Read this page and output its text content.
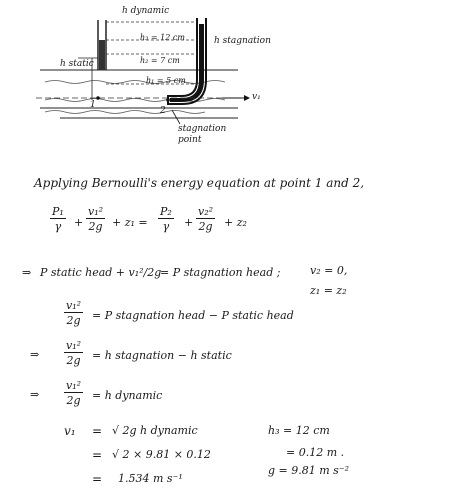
h dynamic
h₃ = 12 cm
h₂ = 7 cm
h₁ = 5 cm
h static
h stagnation
v₁
1
2
stagnation point
Applying Bernoulli's energy equation at point 1 and 2,
P₁
γ	+
v₁²
2g + z₁ =
P₂
γ	+
v₂²
2g + z₂
⇒ P static head + v₁²/2g
= P stagnation head ;	v₂ = 0,
z₁ = z₂
v₁²
2g = P stagnation head − P static head
⇒
v₁²
2g = h stagnation − h static
⇒
v₁²
2g = h dynamic
v₁ = √ 2g h dynamic
= √ 2 × 9.81 × 0.12
= 1.534 m s⁻¹
h₃ = 12 cm
= 0.12 m .
g = 9.81 m s⁻²
